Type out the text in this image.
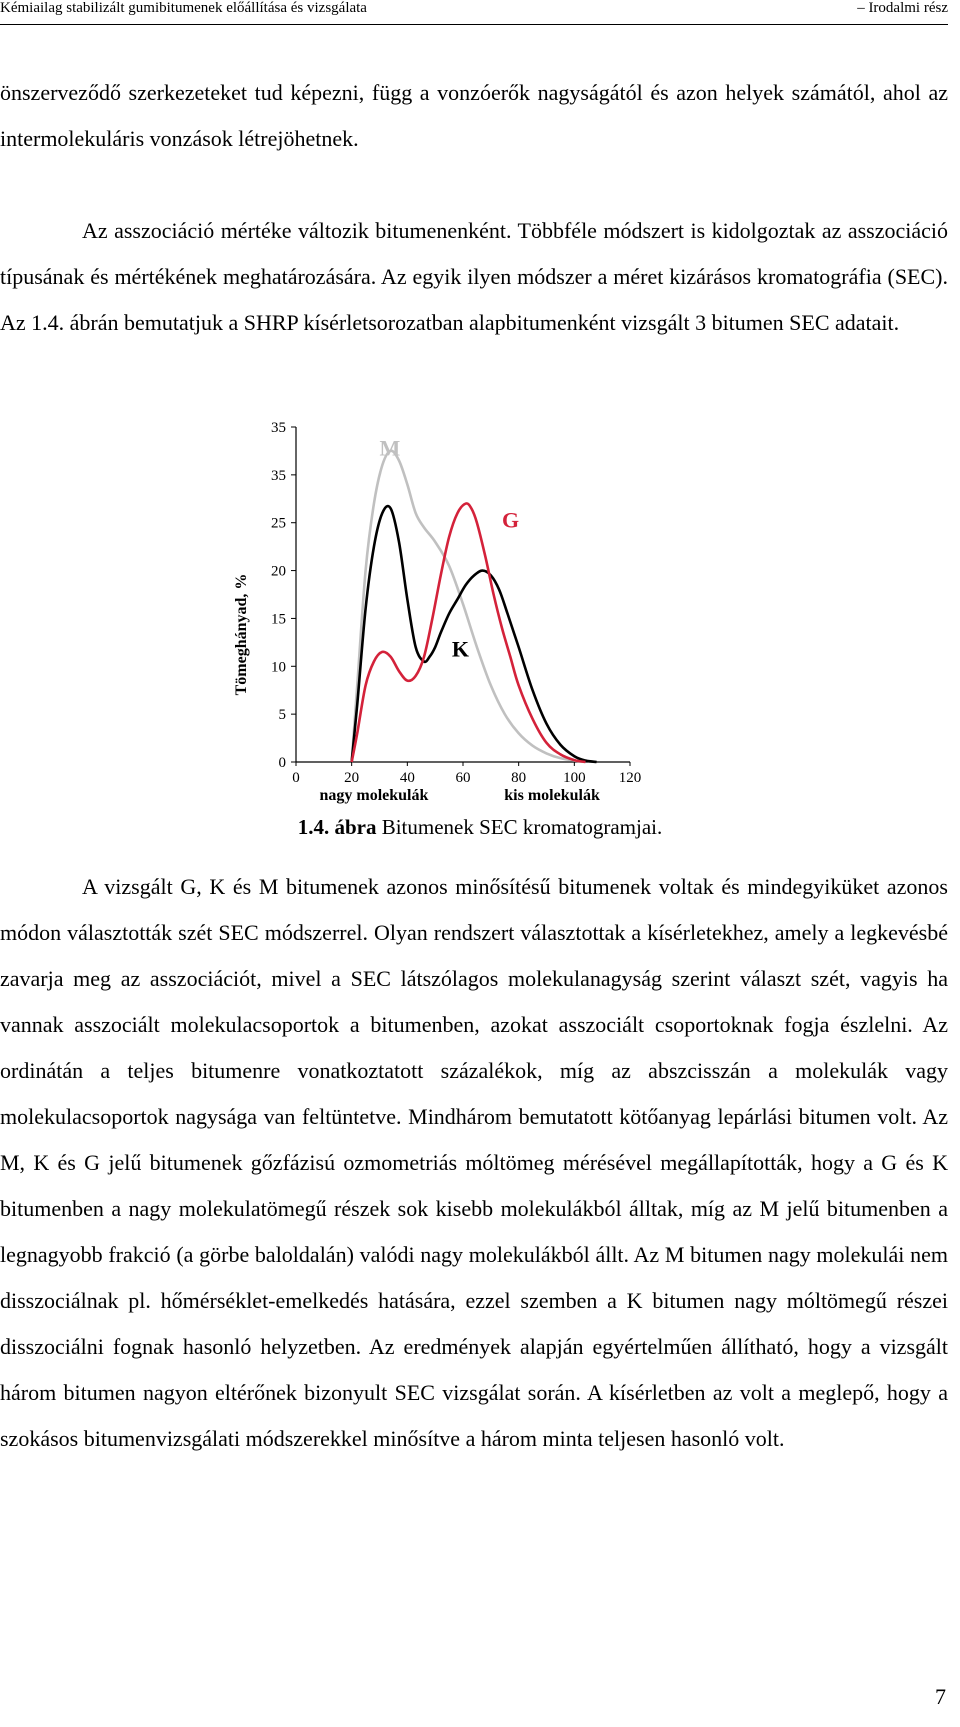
Kémiailag stabilizált gumibitumenek előállítása és vizsgálata	– Irodalmi rész
önszerveződő szerkezeteket tud képezni, függ a vonzóerők nagyságától és azon helyek számától, ahol az intermolekuláris vonzások létrejöhetnek.
Az asszociáció mértéke változik bitumenenként. Többféle módszert is kidolgoztak az asszociáció típusának és mértékének meghatározására. Az egyik ilyen módszer a méret kizárásos kromatográfia (SEC). Az 1.4. ábrán bemutatjuk a SHRP kísérletsorozatban alapbitumenként vizsgált 3 bitumen SEC adatait.
0
5
10
15
20
25
35
35
0	20	40	60	80 100 120
Tömeghányad, %
nagy molekulák	kis molekulák
M
G
K
1.4. ábra Bitumenek SEC kromatogramjai.
A vizsgált G, K és M bitumenek azonos minősítésű bitumenek voltak és mindegyiküket azonos módon választották szét SEC módszerrel. Olyan rendszert választottak a kísérletekhez, amely a legkevésbé zavarja meg az asszociációt, mivel a SEC látszólagos molekulanagyság szerint választ szét, vagyis ha vannak asszociált molekulacsoportok a bitumenben, azokat asszociált csoportoknak fogja észlelni. Az ordinátán a teljes bitumenre vonatkoztatott százalékok, míg az abszcisszán a molekulák vagy molekulacsoportok nagysága van feltüntetve. Mindhárom bemutatott kötőanyag lepárlási bitumen volt. Az M, K és G jelű bitumenek gőzfázisú ozmometriás móltömeg mérésével megállapították, hogy a G és K bitumenben a nagy molekulatömegű részek sok kisebb molekulákból álltak, míg az M jelű bitumenben a legnagyobb frakció (a görbe baloldalán) valódi nagy molekulákból állt. Az M bitumen nagy molekulái nem disszociálnak pl. hőmérséklet-emelkedés hatására, ezzel szemben a K bitumen nagy móltömegű részei disszociálni fognak hasonló helyzetben. Az eredmények alapján egyértelműen állítható, hogy a vizsgált három bitumen nagyon eltérőnek bizonyult SEC vizsgálat során. A kísérletben az volt a meglepő, hogy a szokásos bitumenvizsgálati módszerekkel minősítve a három minta teljesen hasonló volt.
7
